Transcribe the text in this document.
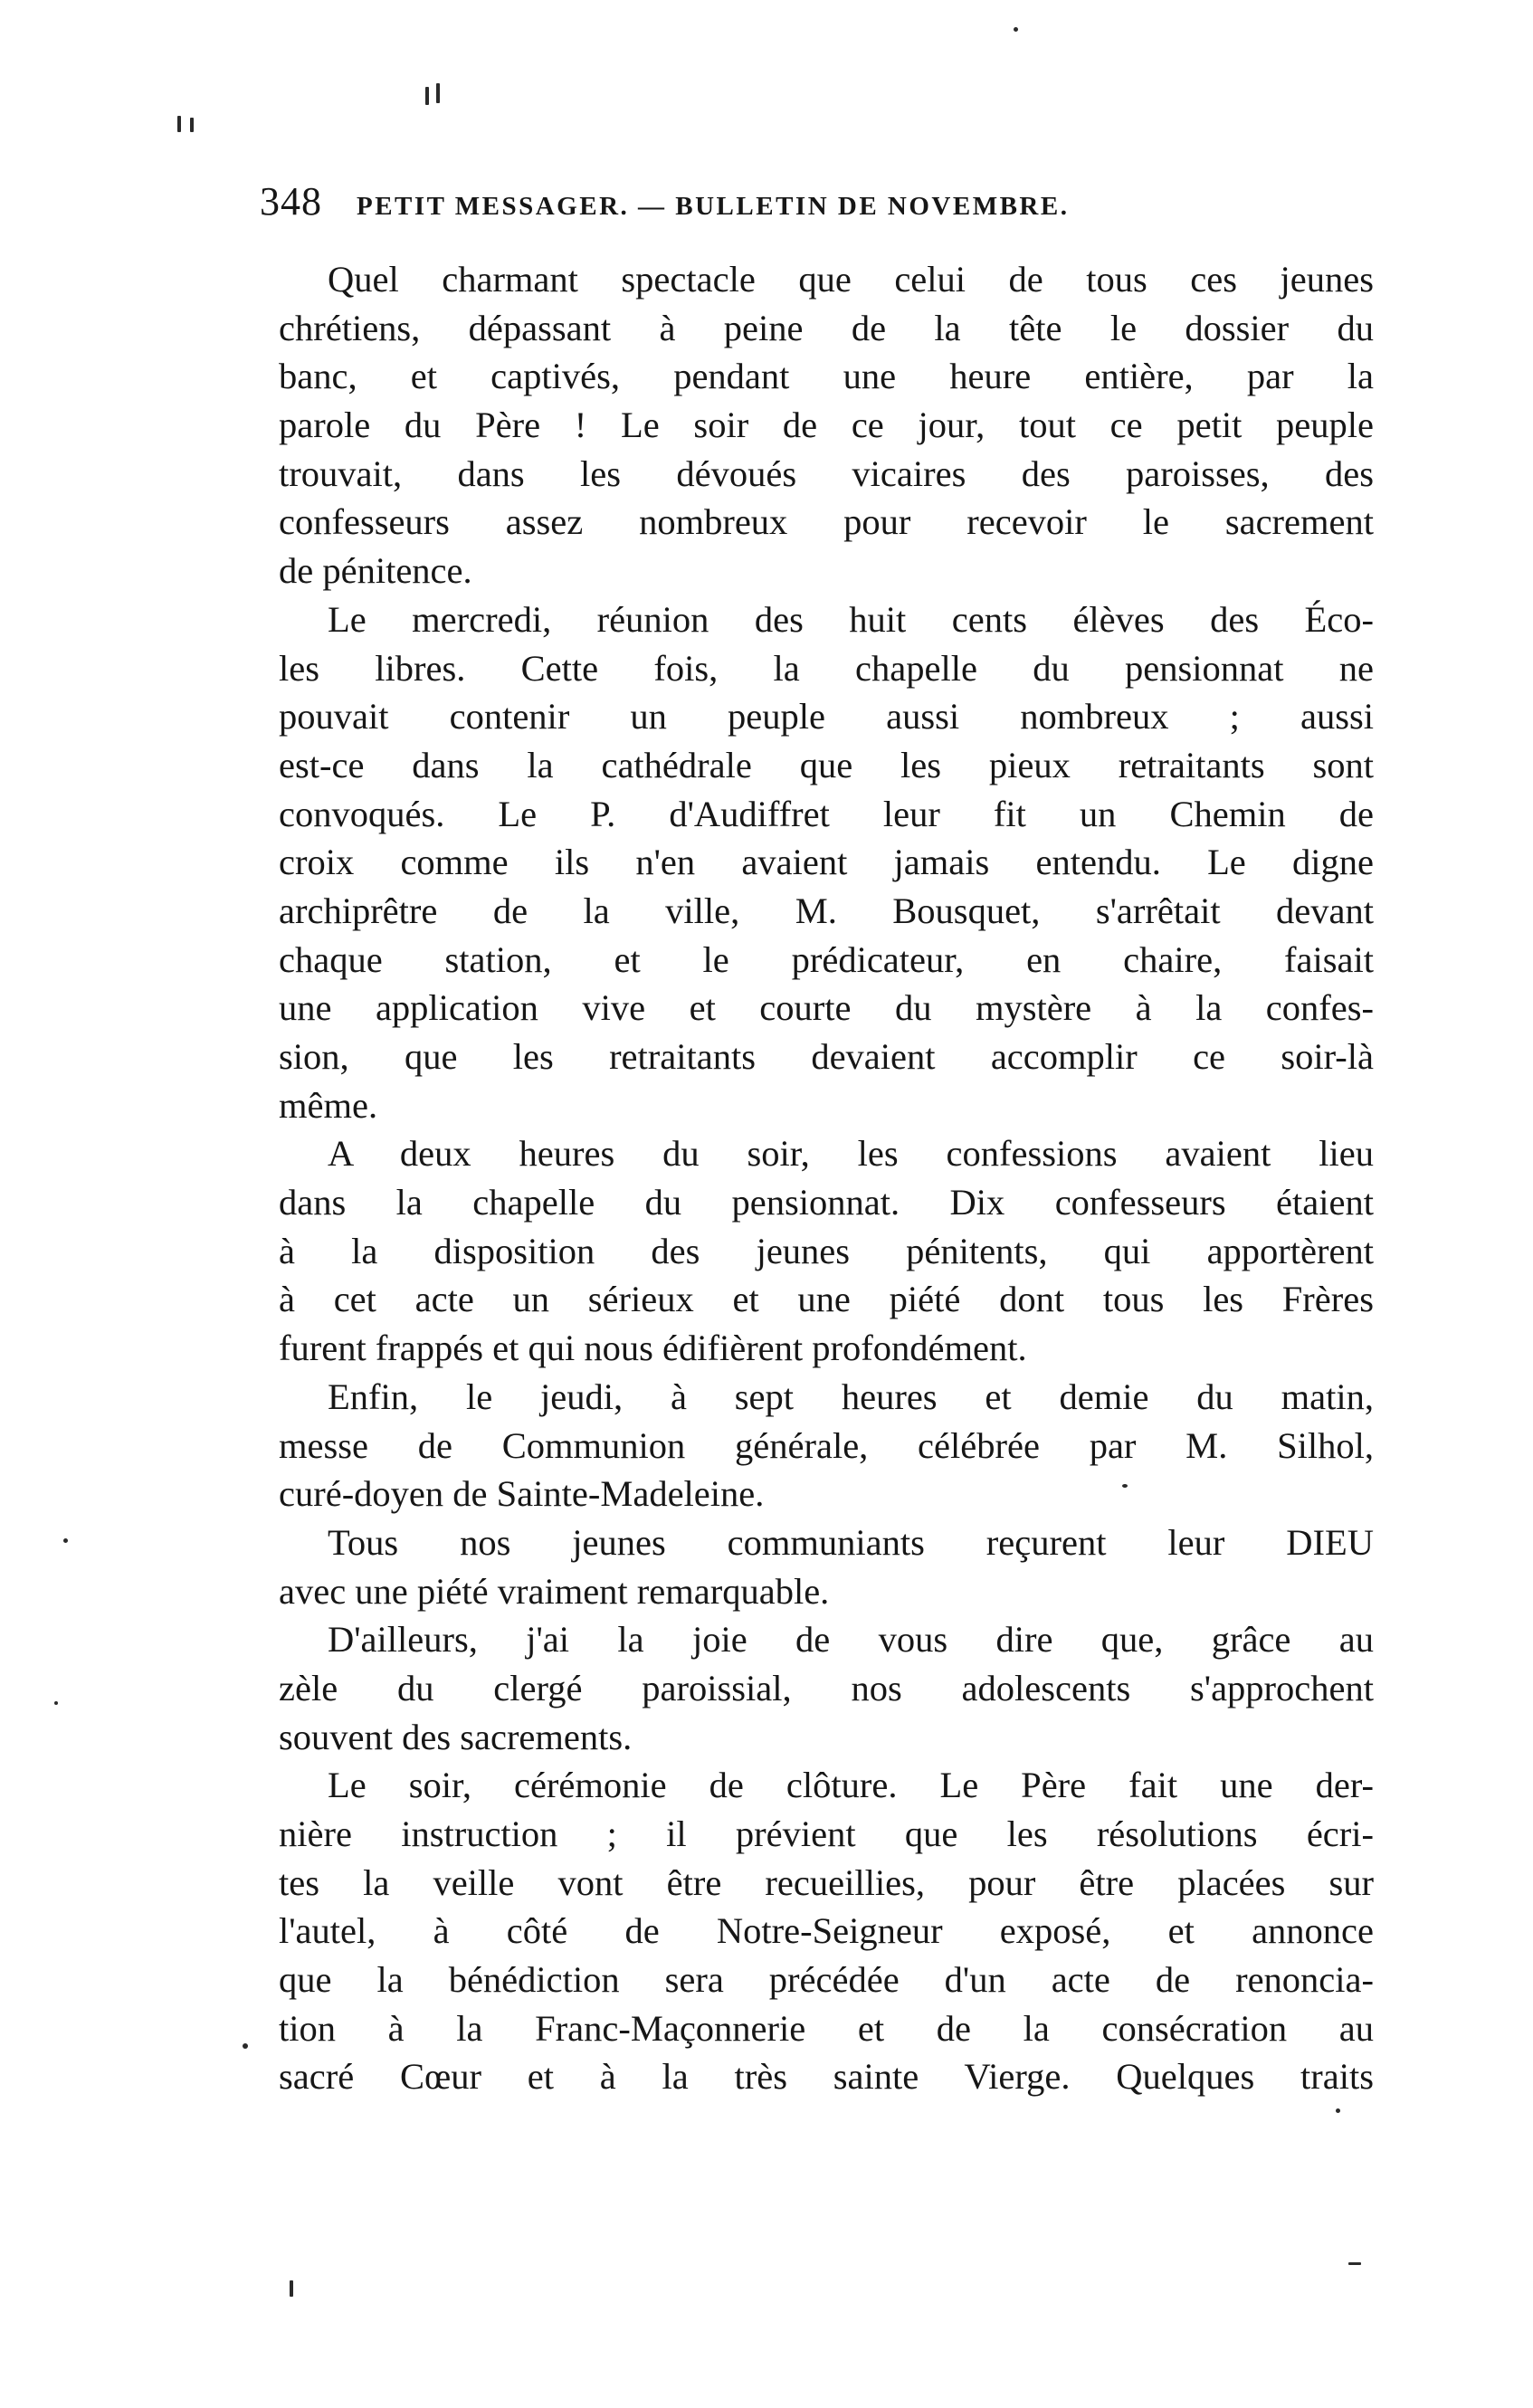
348 PETIT MESSAGER. — BULLETIN DE NOVEMBRE.
Quel charmant spectacle que celui de tous ces jeunes
chrétiens, dépassant à peine de la tête le dossier du
banc, et captivés, pendant une heure entière, par la
parole du Père ! Le soir de ce jour, tout ce petit peuple
trouvait, dans les dévoués vicaires des paroisses, des
confesseurs assez nombreux pour recevoir le sacrement
de pénitence.
Le mercredi, réunion des huit cents élèves des Éco-
les libres. Cette fois, la chapelle du pensionnat ne
pouvait contenir un peuple aussi nombreux ; aussi
est-ce dans la cathédrale que les pieux retraitants sont
convoqués. Le P. d'Audiffret leur fit un Chemin de
croix comme ils n'en avaient jamais entendu. Le digne
archiprêtre de la ville, M. Bousquet, s'arrêtait devant
chaque station, et le prédicateur, en chaire, faisait
une application vive et courte du mystère à la confes-
sion, que les retraitants devaient accomplir ce soir-là
même.
A deux heures du soir, les confessions avaient lieu
dans la chapelle du pensionnat. Dix confesseurs étaient
à la disposition des jeunes pénitents, qui apportèrent
à cet acte un sérieux et une piété dont tous les Frères
furent frappés et qui nous édifièrent profondément.
Enfin, le jeudi, à sept heures et demie du matin,
messe de Communion générale, célébrée par M. Silhol,
curé-doyen de Sainte-Madeleine.
Tous nos jeunes communiants reçurent leur DIEU
avec une piété vraiment remarquable.
D'ailleurs, j'ai la joie de vous dire que, grâce au
zèle du clergé paroissial, nos adolescents s'approchent
souvent des sacrements.
Le soir, cérémonie de clôture. Le Père fait une der-
nière instruction ; il prévient que les résolutions écri-
tes la veille vont être recueillies, pour être placées sur
l'autel, à côté de Notre-Seigneur exposé, et annonce
que la bénédiction sera précédée d'un acte de renoncia-
tion à la Franc-Maçonnerie et de la consécration au
sacré Cœur et à la très sainte Vierge. Quelques traits
